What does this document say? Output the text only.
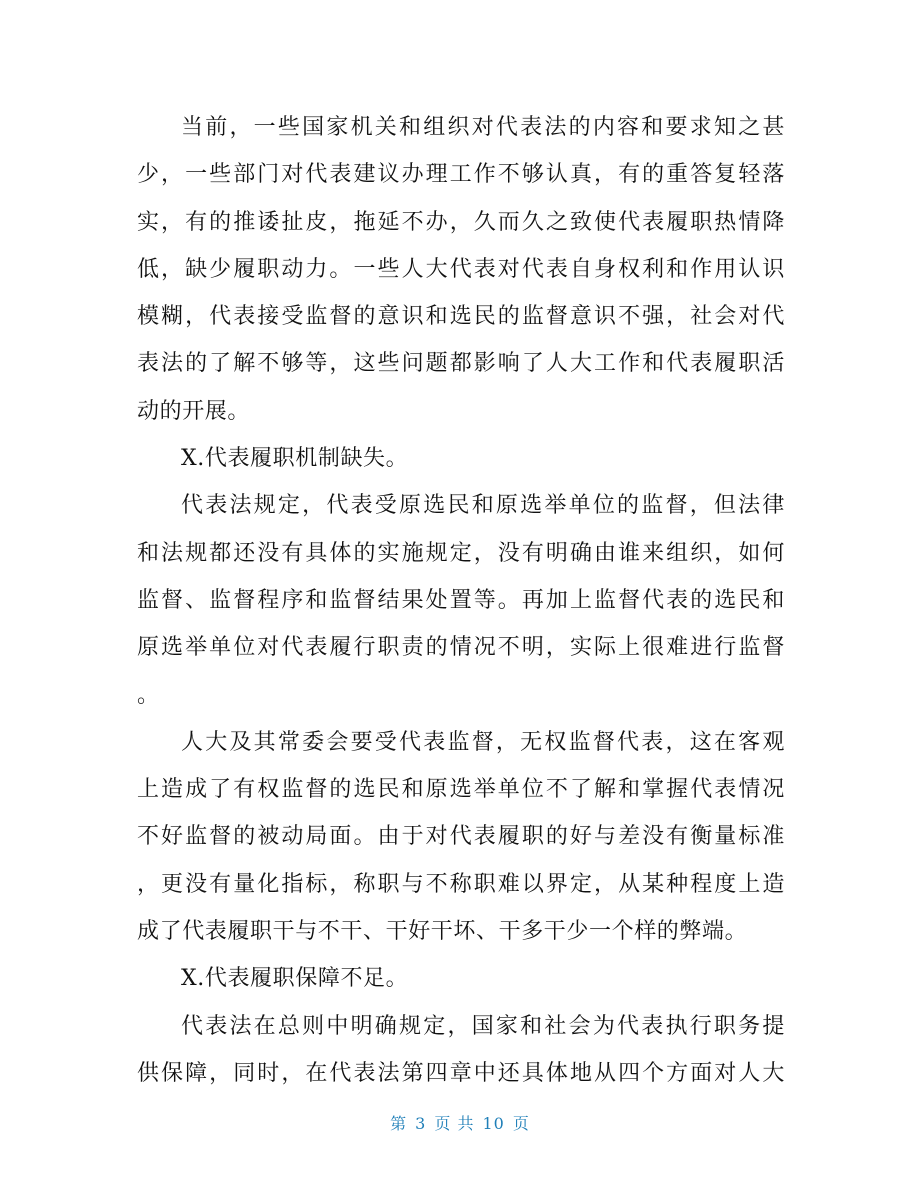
当前，一些国家机关和组织对代表法的内容和要求知之甚
少，一些部门对代表建议办理工作不够认真，有的重答复轻落
实，有的推诿扯皮，拖延不办，久而久之致使代表履职热情降
低，缺少履职动力。一些人大代表对代表自身权利和作用认识
模糊，代表接受监督的意识和选民的监督意识不强，社会对代
表法的了解不够等，这些问题都影响了人大工作和代表履职活
动的开展。
X.代表履职机制缺失。
代表法规定，代表受原选民和原选举单位的监督，但法律
和法规都还没有具体的实施规定，没有明确由谁来组织，如何
监督、监督程序和监督结果处置等。再加上监督代表的选民和
原选举单位对代表履行职责的情况不明，实际上很难进行监督
。
人大及其常委会要受代表监督，无权监督代表，这在客观
上造成了有权监督的选民和原选举单位不了解和掌握代表情况
不好监督的被动局面。由于对代表履职的好与差没有衡量标准
，更没有量化指标，称职与不称职难以界定，从某种程度上造
成了代表履职干与不干、干好干坏、干多干少一个样的弊端。
X.代表履职保障不足。
代表法在总则中明确规定，国家和社会为代表执行职务提
供保障，同时，在代表法第四章中还具体地从四个方面对人大
第 3 页 共 10 页
